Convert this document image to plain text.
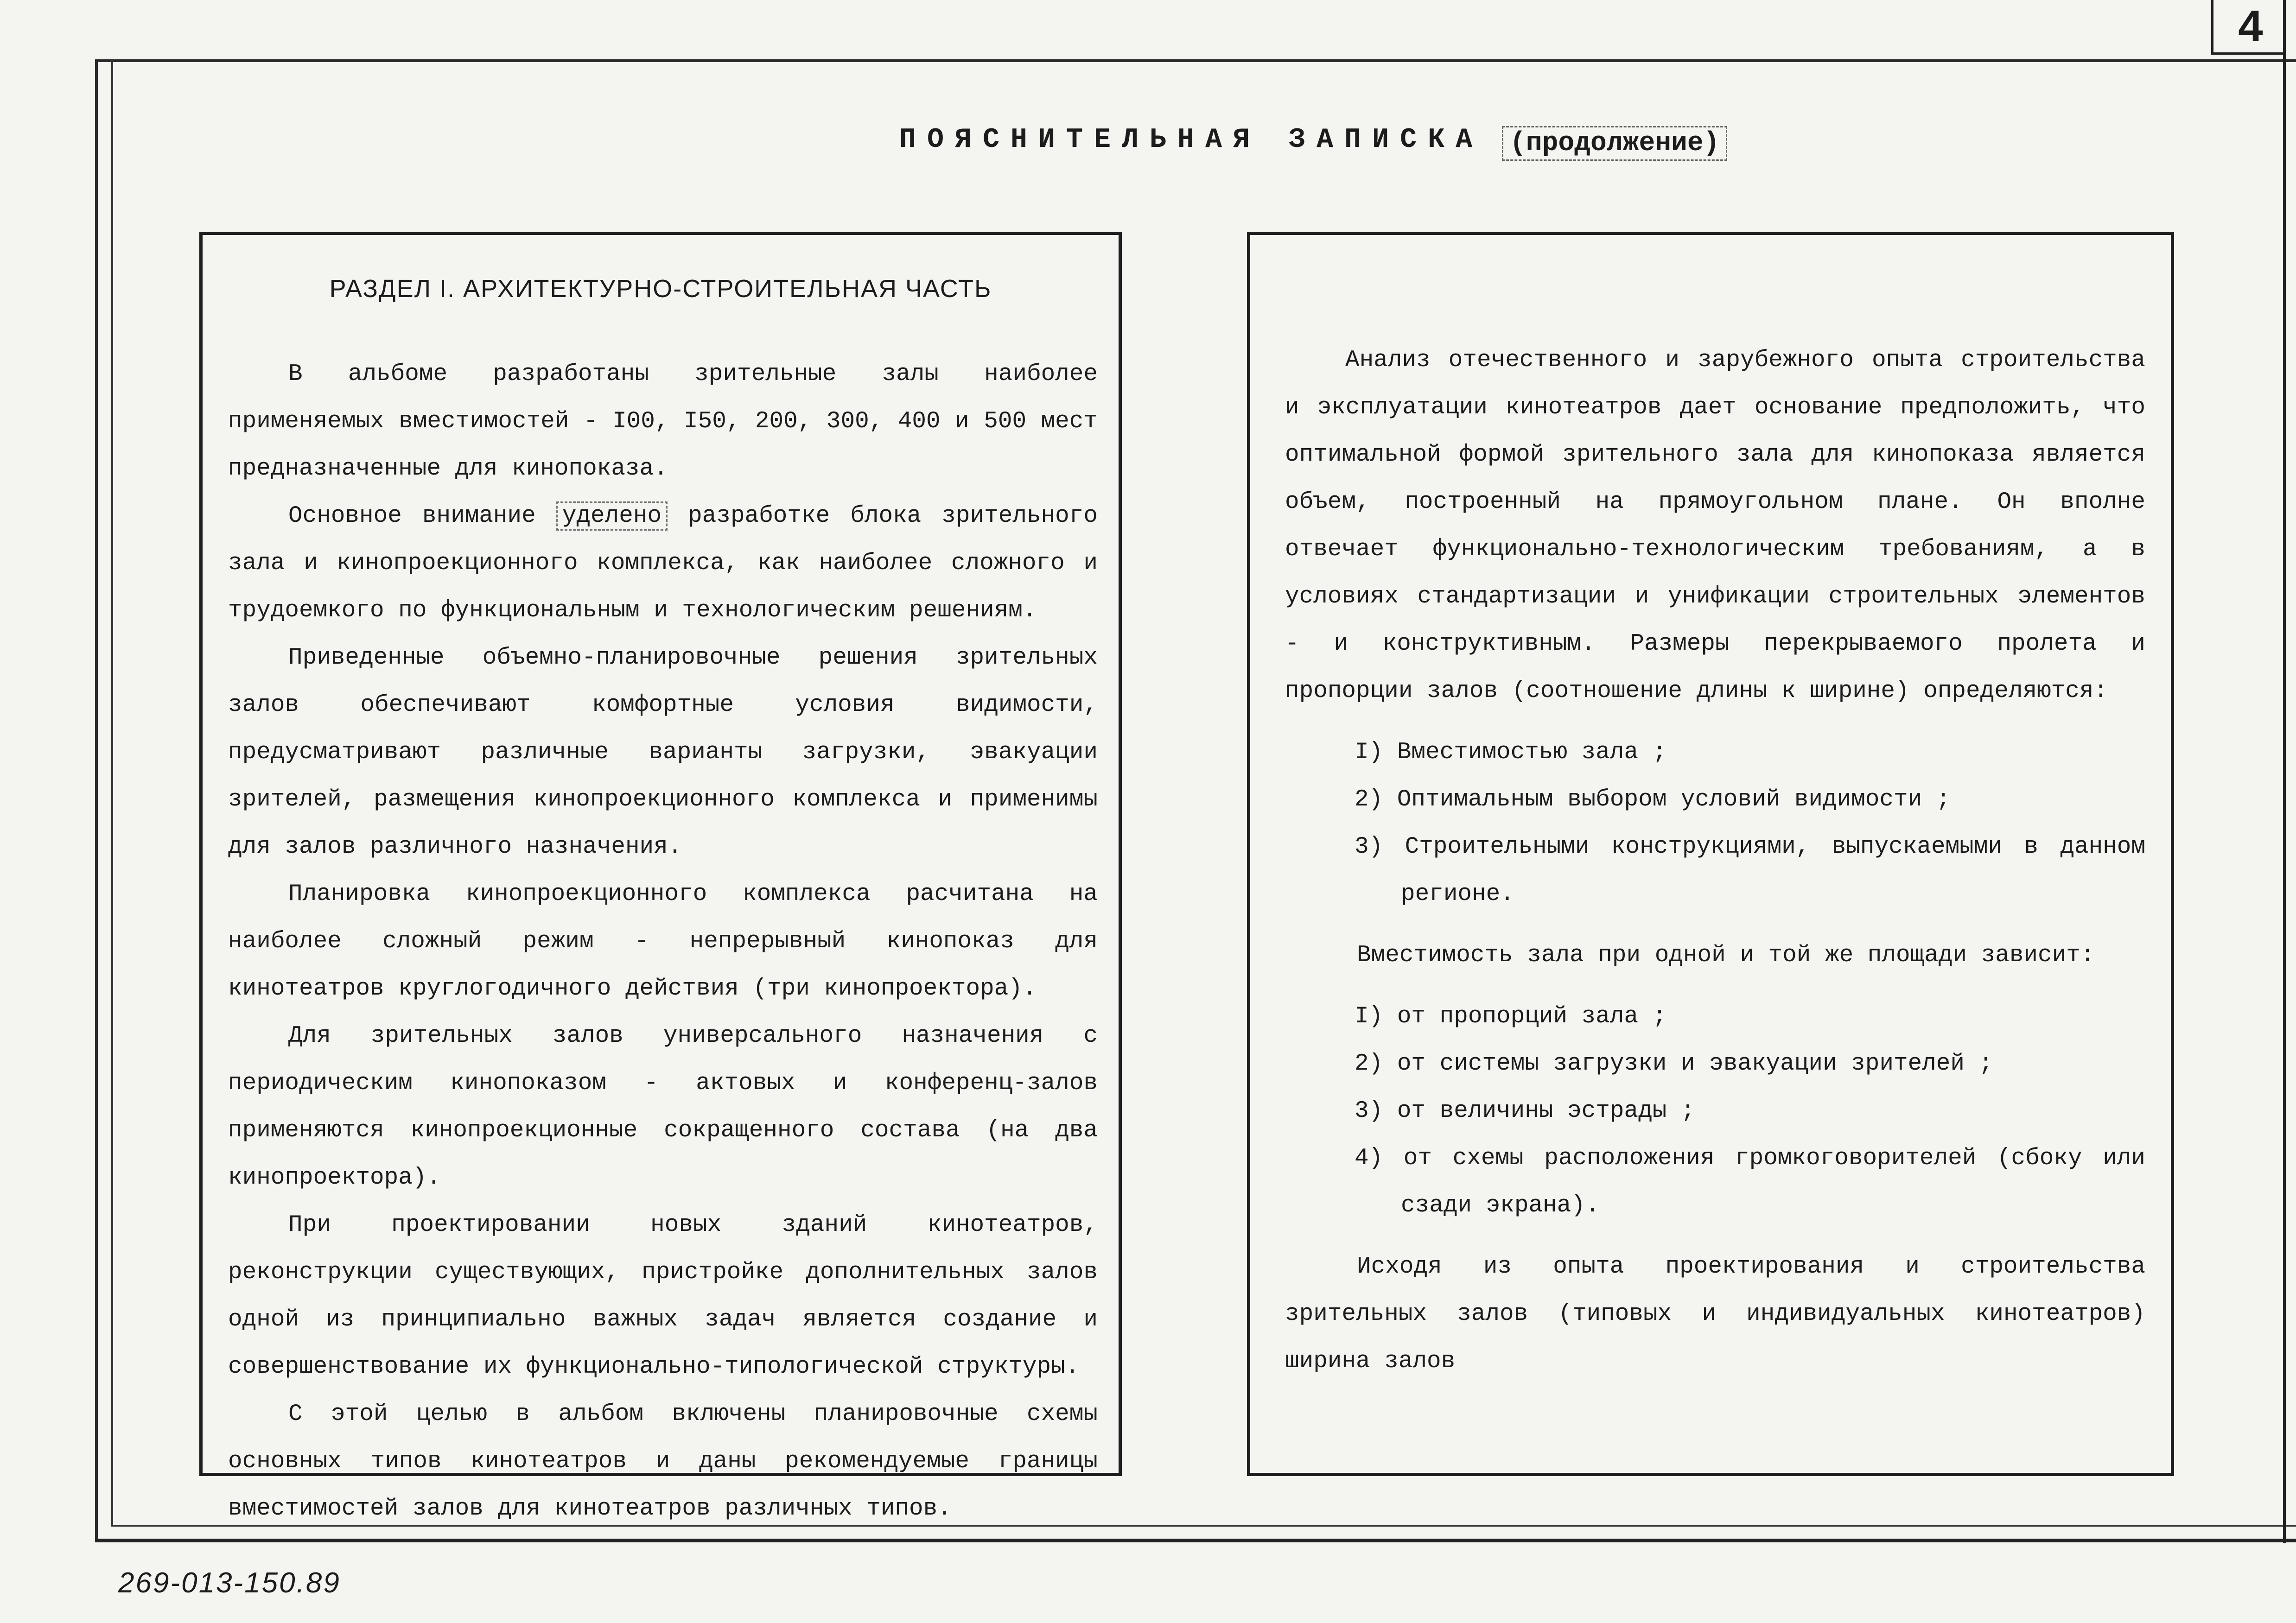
4
ПОЯСНИТЕЛЬНАЯ ЗАПИСКА (продолжение)
РАЗДЕЛ I. АРХИТЕКТУРНО-СТРОИТЕЛЬНАЯ ЧАСТЬ

В альбоме разработаны зрительные залы наиболее применяемых вместимостей - I00, I50, 200, 300, 400 и 500 мест предназначенные для кинопоказа.

Основное внимание уделено разработке блока зрительного зала и кинопроекционного комплекса, как наиболее сложного и трудоемкого по функциональным и технологическим решениям.

Приведенные объемно-планировочные решения зрительных залов обеспечивают комфортные условия видимости, предусматривают различные варианты загрузки, эвакуации зрителей, размещения кинопроекционного комплекса и применимы для залов различного назначения.

Планировка кинопроекционного комплекса расчитана на наиболее сложный режим - непрерывный кинопоказ для кинотеатров круглогодичного действия (три кинопроектора).

Для зрительных залов универсального назначения с периодическим кинопоказом - актовых и конференц-залов применяются кинопроекционные сокращенного состава (на два кинопроектора).

При проектировании новых зданий кинотеатров, реконструкции существующих, пристройке дополнительных залов одной из принципиально важных задач является создание и совершенствование их функционально-типологической структуры.

С этой целью в альбом включены планировочные схемы основных типов кинотеатров и даны рекомендуемые границы вместимостей залов для кинотеатров различных типов.

Анализ отечественного и зарубежного опыта строительства и эксплуатации кинотеатров дает основание предположить, что оптимальной формой зрительного зала для кинопоказа является объем, построенный на прямоугольном плане. Он вполне отвечает функционально-технологическим требованиям, а в условиях стандартизации и унификации строительных элементов - и конструктивным. Размеры перекрываемого пролета и пропорции залов (соотношение длины к ширине) определяются:

I) Вместимостью зала ;
2) Оптимальным выбором условий видимости ;
3) Строительными конструкциями, выпускаемыми в данном регионе.

Вместимость зала при одной и той же площади зависит:

I) от пропорций зала ;
2) от системы загрузки и эвакуации зрителей ;
3) от величины эстрады ;
4) от схемы расположения громкоговорителей (сбоку или сзади экрана).

Исходя из опыта проектирования и строительства зрительных залов (типовых и индивидуальных кинотеатров) ширина залов

269-013-150.89
